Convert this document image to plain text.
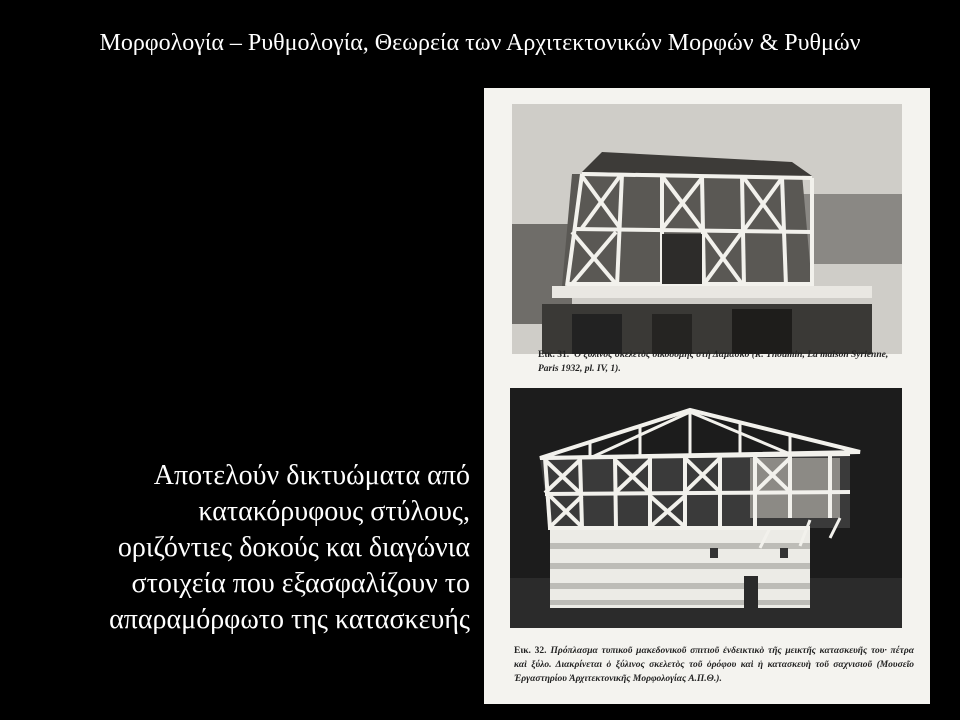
Μορφολογία – Ρυθμολογία, Θεωρεία των Αρχιτεκτονικών Μορφών & Ρυθμών
Αποτελούν δικτυώματα από
κατακόρυφους στύλους,
οριζόντιες δοκούς και διαγώνια
στοιχεία που εξασφαλίζουν το
απαραμόρφωτο της κατασκευής
Εικ. 31. Ὁ ξύλινος σκελετὸς οἰκοδομῆς στὴ Δαμασκὸ (R. Thoumin, La maison Syrienne, Paris 1932, pl. IV, 1).
Εικ. 32. Πρόπλασμα τυπικοῦ μακεδονικοῦ σπιτιοῦ ἐνδεικτικὸ τῆς μεικτῆς κατασκευῆς του· πέτρα καὶ ξύλο. Διακρίνεται ὁ ξύλινος σκελετὸς τοῦ ὀρόφου καὶ ἡ κατασκευὴ τοῦ σαχνισιοῦ (Μουσεῖο Ἐργαστηρίου Ἀρχιτεκτονικῆς Μορφολογίας Α.Π.Θ.).
